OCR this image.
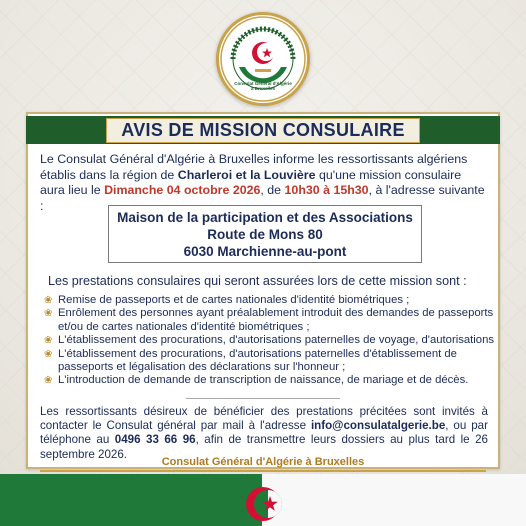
Consulat Général d'Algérie à Bruxelles
AVIS DE MISSION CONSULAIRE

Le Consulat Général d'Algérie à Bruxelles informe les ressortissants algériens établis dans la région de Charleroi et la Louvière qu'une mission consulaire aura lieu le Dimanche 04 octobre 2026, de 10h30 à 15h30, à l'adresse suivante :

Maison de la participation et des Associations
Route de Mons 80
6030 Marchienne-au-pont
Les prestations consulaires qui seront assurées lors de cette mission sont :
❀ Remise de passeports et de cartes nationales d'identité biométriques ;
❀ Enrôlement des personnes ayant préalablement introduit des demandes de passeports et/ou de cartes nationales d'identité biométriques ;
❀ L'établissement des procurations, d'autorisations paternelles de voyage, d'autorisations
❀ L'établissement des procurations, d'autorisations paternelles d'établissement de passeports et légalisation des déclarations sur l'honneur ;
❀ L'introduction de demande de transcription de naissance, de mariage et de décès.

Les ressortissants désireux de bénéficier des prestations précitées sont invités à contacter le Consulat général par mail à l'adresse info@consulatalgerie.be, ou par téléphone au 0496 33 66 96, afin de transmettre leurs dossiers au plus tard le 26 septembre 2026.

Consulat Général d'Algérie à Bruxelles
